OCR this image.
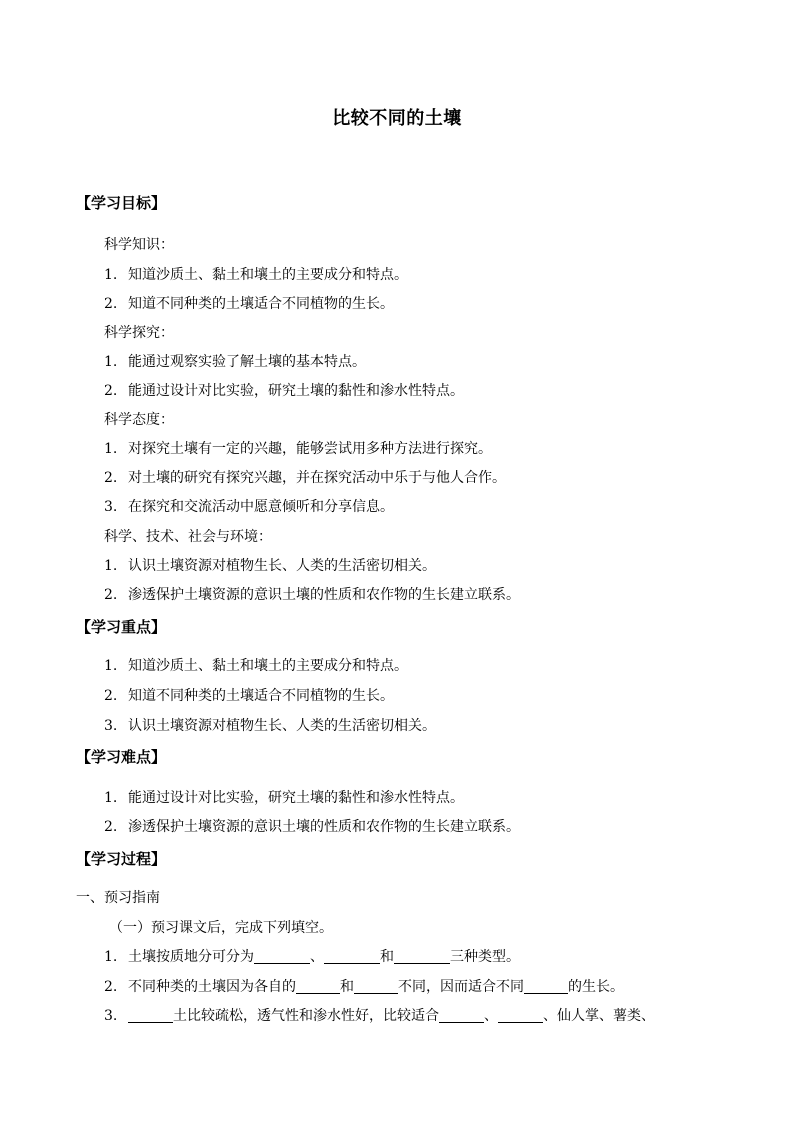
比较不同的土壤
【学习目标】
科学知识：
1. 知道沙质土、黏土和壤土的主要成分和特点。
2. 知道不同种类的土壤适合不同植物的生长。
科学探究：
1. 能通过观察实验了解土壤的基本特点。
2. 能通过设计对比实验，研究土壤的黏性和渗水性特点。
科学态度：
1. 对探究土壤有一定的兴趣，能够尝试用多种方法进行探究。
2. 对土壤的研究有探究兴趣，并在探究活动中乐于与他人合作。
3. 在探究和交流活动中愿意倾听和分享信息。
科学、技术、社会与环境：
1. 认识土壤资源对植物生长、人类的生活密切相关。
2. 渗透保护土壤资源的意识土壤的性质和农作物的生长建立联系。
【学习重点】
1. 知道沙质土、黏土和壤土的主要成分和特点。
2. 知道不同种类的土壤适合不同植物的生长。
3. 认识土壤资源对植物生长、人类的生活密切相关。
【学习难点】
1. 能通过设计对比实验，研究土壤的黏性和渗水性特点。
2. 渗透保护土壤资源的意识土壤的性质和农作物的生长建立联系。
【学习过程】
一、预习指南
（一）预习课文后，完成下列填空。
1. 土壤按质地分可分为	、	和	三种类型。
2. 不同种类的土壤因为各自的	和	不同，因而适合不同	的生长。
3.	土比较疏松，透气性和渗水性好，比较适合	、	、仙人掌、薯类、
